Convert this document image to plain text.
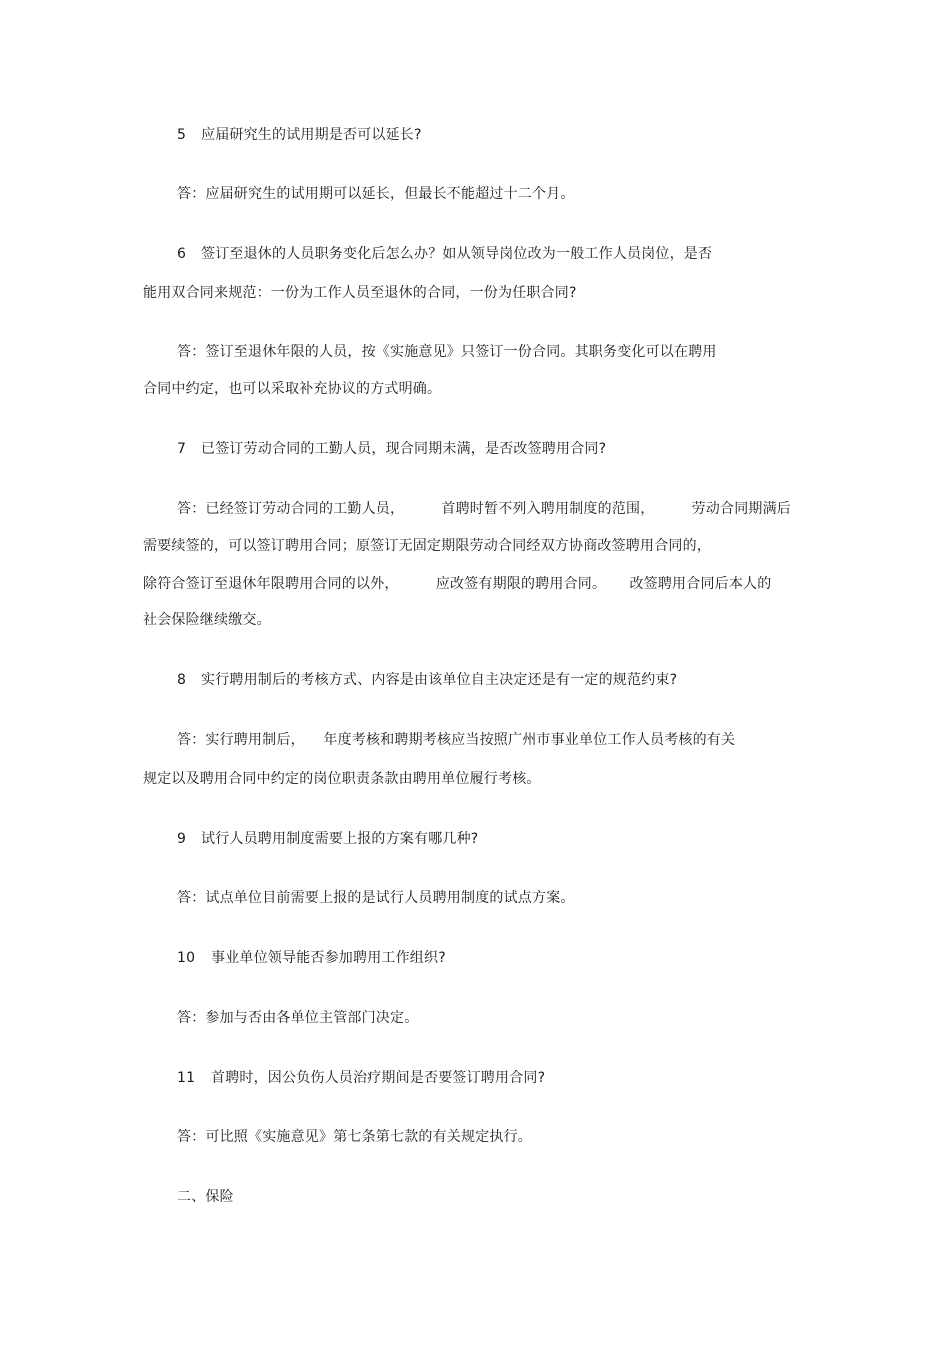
5 应届研究生的试用期是否可以延长?
答：应届研究生的试用期可以延长，但最长不能超过十二个月。
6 签订至退休的人员职务变化后怎么办？如从领导岗位改为一般工作人员岗位，是否
能用双合同来规范：一份为工作人员至退休的合同，一份为任职合同?
答：签订至退休年限的人员，按《实施意见》只签订一份合同。其职务变化可以在聘用
合同中约定，也可以采取补充协议的方式明确。
7 已签订劳动合同的工勤人员，现合同期未满，是否改签聘用合同?
答：已经签订劳动合同的工勤人员，        首聘时暂不列入聘用制度的范围，        劳动合同期满后
需要续签的，可以签订聘用合同；原签订无固定期限劳动合同经双方协商改签聘用合同的，
除符合签订至退休年限聘用合同的以外，        应改签有期限的聘用合同。     改签聘用合同后本人的
社会保险继续缴交。
8 实行聘用制后的考核方式、内容是由该单位自主决定还是有一定的规范约束?
答：实行聘用制后，    年度考核和聘期考核应当按照广州市事业单位工作人员考核的有关
规定以及聘用合同中约定的岗位职责条款由聘用单位履行考核。
9 试行人员聘用制度需要上报的方案有哪几种?
答：试点单位目前需要上报的是试行人员聘用制度的试点方案。
10 事业单位领导能否参加聘用工作组织?
答：参加与否由各单位主管部门决定。
11 首聘时，因公负伤人员治疗期间是否要签订聘用合同?
答：可比照《实施意见》第七条第七款的有关规定执行。
二、保险
